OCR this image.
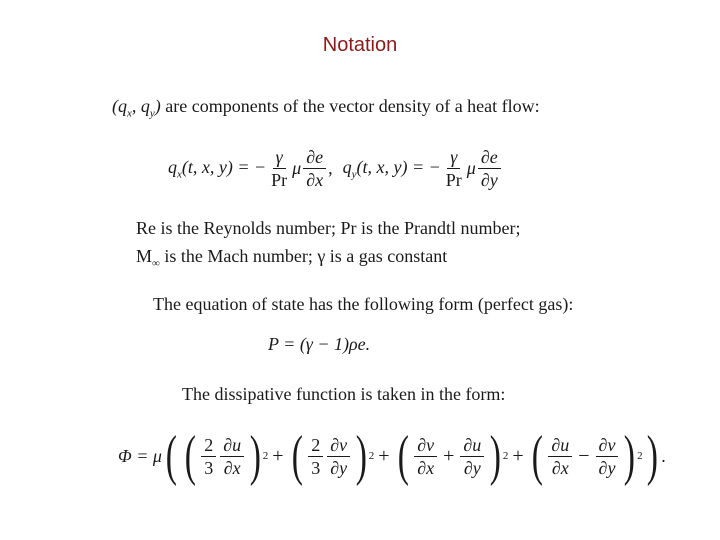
Notation
($q_x$, $q_y$) are components of the vector density of a heat flow:
$q_x(t$, x, y) = − $\frac{\gamma}{Pr}$ μ $\frac{\partial e}{\partial x}$ , $q_y(t$, x, y) = − $\frac{\gamma}{Pr}$ μ $\frac{\partial e}{\partial y}$
Re is the Reynolds number; Pr is the Prandtl number;
$M_\infty$ is the Mach number; γ is a gas constant
The equation of state has the following form (perfect gas):
P = (γ − 1)ρe.
The dissipative function is taken in the form:
Φ = μ ( ( $\frac{2}{3} \frac{\partial u}{\partial x}$ ) 2 + ( $\frac{2}{3} \frac{\partial v}{\partial y}$ ) 2 + ( $\frac{\partial v}{\partial x} + \frac{\partial u}{\partial y}$ ) 2 + ( $\frac{\partial u}{\partial x} - \frac{\partial v}{\partial y}$ ) 2 ) .
